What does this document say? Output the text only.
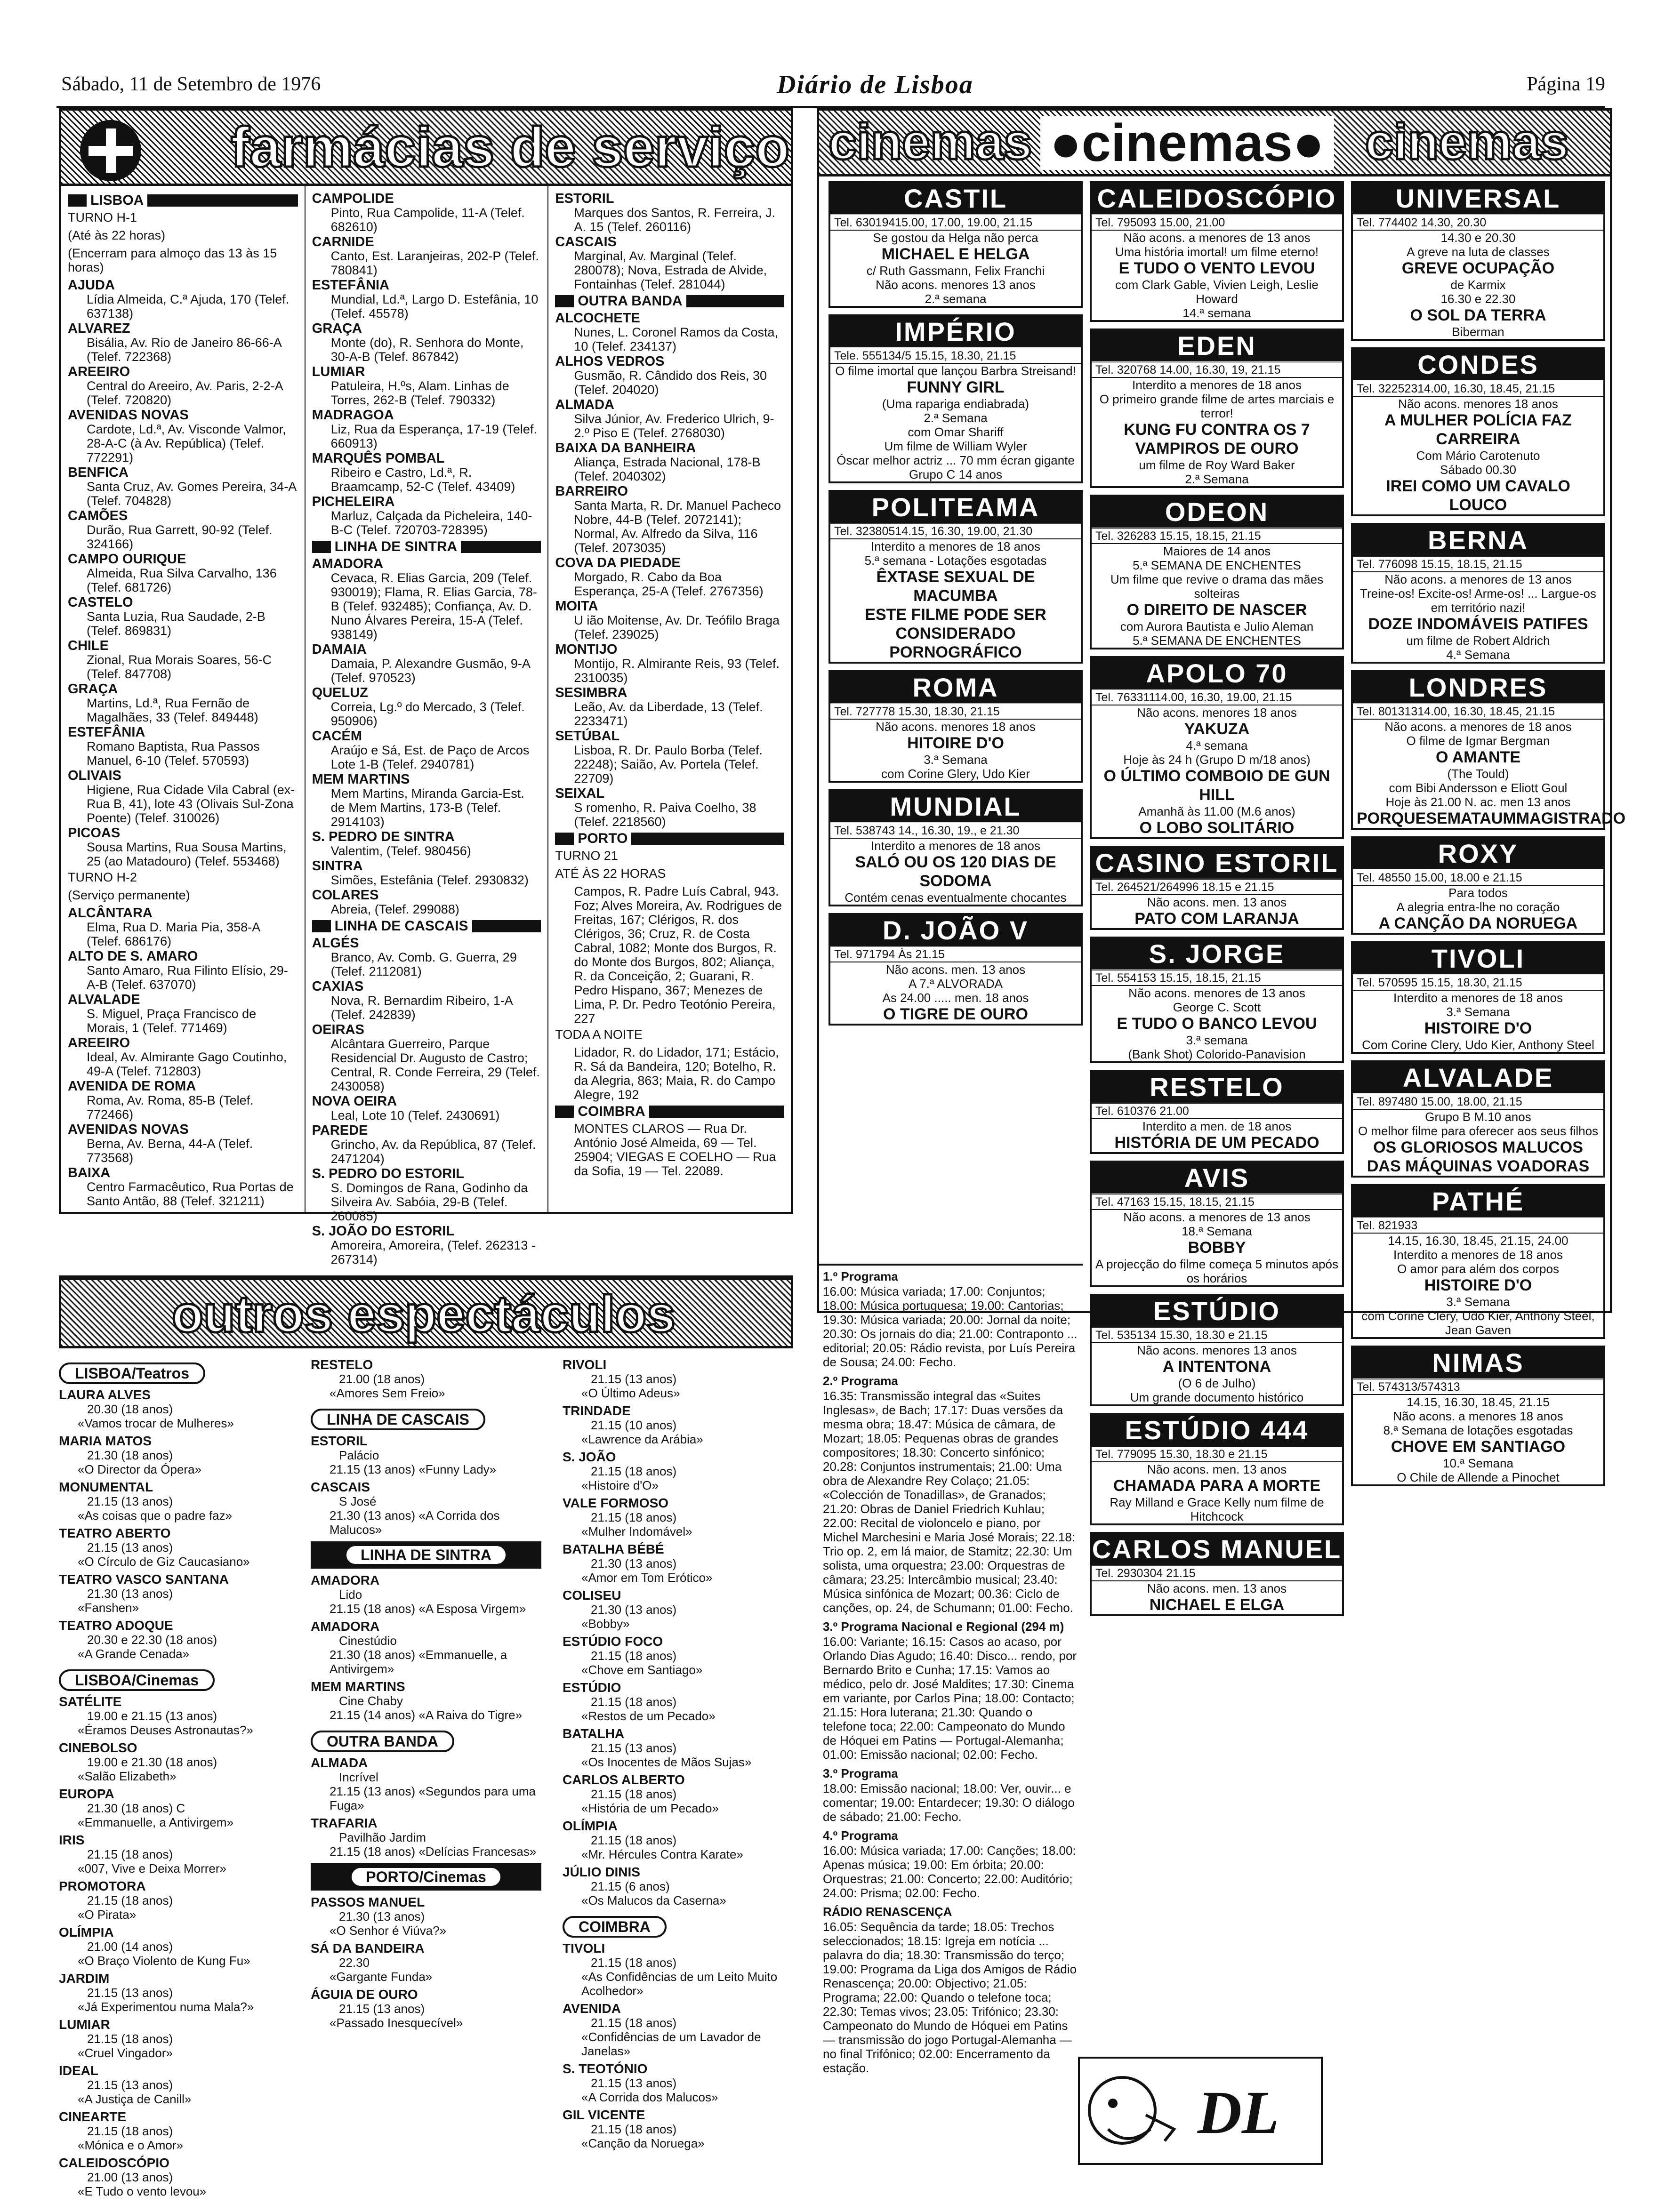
Sábado, 11 de Setembro de 1976	Diário de Lisboa	Página 19
farmácias de serviço
LISBOA
TURNO H-1
(Até às 22 horas)
(Encerram para almoço das 13 às 15 horas)
AJUDA
Lídia Almeida, C.ª Ajuda, 170 (Telef. 637138)
ALVAREZ
Bisália, Av. Rio de Janeiro 86-66-A (Telef. 722368)
AREEIRO
Central do Areeiro, Av. Paris, 2-2-A (Telef. 720820)
AVENIDAS NOVAS
Cardote, Ld.ª, Av. Visconde Valmor, 28-A-C (à Av. República) (Telef. 772291)
BENFICA
Santa Cruz, Av. Gomes Pereira, 34-A (Telef. 704828)
CAMÕES
Durão, Rua Garrett, 90-92 (Telef. 324166)
CAMPO OURIQUE
Almeida, Rua Silva Carvalho, 136 (Telef. 681726)
CASTELO
Santa Luzia, Rua Saudade, 2-B (Telef. 869831)
CHILE
Zional, Rua Morais Soares, 56-C (Telef. 847708)
GRAÇA
Martins, Ld.ª, Rua Fernão de Magalhães, 33 (Telef. 849448)
ESTEFÂNIA
Romano Baptista, Rua Passos Manuel, 6-10 (Telef. 570593)
OLIVAIS
Higiene, Rua Cidade Vila Cabral (ex-Rua B, 41), lote 43 (Olivais Sul-Zona Poente) (Telef. 310026)
PICOAS
Sousa Martins, Rua Sousa Martins, 25 (ao Matadouro) (Telef. 553468)
TURNO H-2
(Serviço permanente)
ALCÂNTARA
Elma, Rua D. Maria Pia, 358-A (Telef. 686176)
ALTO DE S. AMARO
Santo Amaro, Rua Filinto Elísio, 29-A-B (Telef. 637070)
ALVALADE
S. Miguel, Praça Francisco de Morais, 1 (Telef. 771469)
AREEIRO
Ideal, Av. Almirante Gago Coutinho, 49-A (Telef. 712803)
AVENIDA DE ROMA
Roma, Av. Roma, 85-B (Telef. 772466)
AVENIDAS NOVAS
Berna, Av. Berna, 44-A (Telef. 773568)
BAIXA
Centro Farmacêutico, Rua Portas de Santo Antão, 88 (Telef. 321211)
CAMPOLIDE
Pinto, Rua Campolide, 11-A (Telef. 682610)
CARNIDE
Canto, Est. Laranjeiras, 202-P (Telef. 780841)
ESTEFÂNIA
Mundial, Ld.ª, Largo D. Estefânia, 10 (Telef. 45578)
GRAÇA
Monte (do), R. Senhora do Monte, 30-A-B (Telef. 867842)
LUMIAR
Patuleira, H.ºs, Alam. Linhas de Torres, 262-B (Telef. 790332)
MADRAGOA
Liz, Rua da Esperança, 17-19 (Telef. 660913)
MARQUÊS POMBAL
Ribeiro e Castro, Ld.ª, R. Braamcamp, 52-C (Telef. 43409)
PICHELEIRA
Marluz, Calçada da Picheleira, 140-B-C (Telef. 720703-728395)
LINHA DE SINTRA
AMADORA
Cevaca, R. Elias Garcia, 209 (Telef. 930019); Flama, R. Elias Garcia, 78-B (Telef. 932485); Confiança, Av. D. Nuno Álvares Pereira, 15-A (Telef. 938149)
DAMAIA
Damaia, P. Alexandre Gusmão, 9-A (Telef. 970523)
QUELUZ
Correia, Lg.º do Mercado, 3 (Telef. 950906)
CACÉM
Araújo e Sá, Est. de Paço de Arcos Lote 1-B (Telef. 2940781)
MEM MARTINS
Mem Martins, Miranda Garcia-Est. de Mem Martins, 173-B (Telef. 2914103)
S. PEDRO DE SINTRA
Valentim, (Telef. 980456)
SINTRA
Simões, Estefânia (Telef. 2930832)
COLARES
Abreia, (Telef. 299088)
LINHA DE CASCAIS
ALGÉS
Branco, Av. Comb. G. Guerra, 29 (Telef. 2112081)
CAXIAS
Nova, R. Bernardim Ribeiro, 1-A (Telef. 242839)
OEIRAS
Alcântara Guerreiro, Parque Residencial Dr. Augusto de Castro; Central, R. Conde Ferreira, 29 (Telef. 2430058)
NOVA OEIRA
Leal, Lote 10 (Telef. 2430691)
PAREDE
Grincho, Av. da República, 87 (Telef. 2471204)
S. PEDRO DO ESTORIL
S. Domingos de Rana, Godinho da Silveira Av. Sabóia, 29-B (Telef. 260085)
S. JOÃO DO ESTORIL
Amoreira, Amoreira, (Telef. 262313 - 267314)
ESTORIL
Marques dos Santos, R. Ferreira, J. A. 15 (Telef. 260116)
CASCAIS
Marginal, Av. Marginal (Telef. 280078); Nova, Estrada de Alvide, Fontainhas (Telef. 281044)
OUTRA BANDA
ALCOCHETE
Nunes, L. Coronel Ramos da Costa, 10 (Telef. 234137)
ALHOS VEDROS
Gusmão, R. Cândido dos Reis, 30 (Telef. 204020)
ALMADA
Silva Júnior, Av. Frederico Ulrich, 9-2.º Piso E (Telef. 2768030)
BAIXA DA BANHEIRA
Aliança, Estrada Nacional, 178-B (Telef. 2040302)
BARREIRO
Santa Marta, R. Dr. Manuel Pacheco Nobre, 44-B (Telef. 2072141); Normal, Av. Alfredo da Silva, 116 (Telef. 2073035)
COVA DA PIEDADE
Morgado, R. Cabo da Boa Esperança, 25-A (Telef. 2767356)
MOITA
U ião Moitense, Av. Dr. Teófilo Braga (Telef. 239025)
MONTIJO
Montijo, R. Almirante Reis, 93 (Telef. 2310035)
SESIMBRA
Leão, Av. da Liberdade, 13 (Telef. 2233471)
SETÚBAL
Lisboa, R. Dr. Paulo Borba (Telef. 22248); Saião, Av. Portela (Telef. 22709)
SEIXAL
S romenho, R. Paiva Coelho, 38 (Telef. 2218560)
PORTO
TURNO 21
ATÉ ÀS 22 HORAS
Campos, R. Padre Luís Cabral, 943. Foz; Alves Moreira, Av. Rodrigues de Freitas, 167; Clérigos, R. dos Clérigos, 36; Cruz, R. de Costa Cabral, 1082; Monte dos Burgos, R. do Monte dos Burgos, 802; Aliança, R. da Conceição, 2; Guarani, R. Pedro Hispano, 367; Menezes de Lima, P. Dr. Pedro Teotónio Pereira, 227
TODA A NOITE
Lidador, R. do Lidador, 171; Estácio, R. Sá da Bandeira, 120; Botelho, R. da Alegria, 863; Maia, R. do Campo Alegre, 192
COIMBRA
MONTES CLAROS — Rua Dr. António José Almeida, 69 — Tel. 25904; VIEGAS E COELHO — Rua da Sofia, 19 — Tel. 22089.
cinemas ●cinemas● cinemas
CASTIL
Tel. 63019415.00, 17.00, 19.00, 21.15
Se gostou da Helga não perca
MICHAEL E HELGA
c/ Ruth Gassmann, Felix Franchi
Não acons. menores 13 anos
2.ª semana
IMPÉRIO
Tele. 555134/5 15.15, 18.30, 21.15
O filme imortal que lançou Barbra Streisand!
FUNNY GIRL
(Uma rapariga endiabrada)
2.ª Semana
com Omar Shariff
Um filme de William Wyler
Óscar melhor actriz ... 70 mm écran gigante
Grupo C 14 anos
POLITEAMA
Tel. 32380514.15, 16.30, 19.00, 21.30
Interdito a menores de 18 anos
5.ª semana - Lotações esgotadas
ÊXTASE SEXUAL DE MACUMBA
ESTE FILME PODE SER CONSIDERADO PORNOGRÁFICO
ROMA
Tel. 727778 15.30, 18.30, 21.15
Não acons. menores 18 anos
HITOIRE D'O
3.ª Semana
com Corine Glery, Udo Kier
MUNDIAL
Tel. 538743 14., 16.30, 19., e 21.30
Interdito a menores de 18 anos
SALÓ OU OS 120 DIAS DE SODOMA
Contém cenas eventualmente chocantes
D. JOÃO V
Tel. 971794 Às 21.15
Não acons. men. 13 anos
A 7.ª ALVORADA
As 24.00 ..... men. 18 anos
O TIGRE DE OURO
CALEIDOSCÓPIO
Tel. 795093 15.00, 21.00
Não acons. a menores de 13 anos
Uma história imortal! um filme eterno!
E TUDO O VENTO LEVOU
com Clark Gable, Vivien Leigh, Leslie Howard
14.ª semana
EDEN
Tel. 320768 14.00, 16.30, 19, 21.15
Interdito a menores de 18 anos
O primeiro grande filme de artes marciais e terror!
KUNG FU CONTRA OS 7 VAMPIROS DE OURO
um filme de Roy Ward Baker
2.ª Semana
ODEON
Tel. 326283 15.15, 18.15, 21.15
Maiores de 14 anos
5.ª SEMANA DE ENCHENTES
Um filme que revive o drama das mães solteiras
O DIREITO DE NASCER
com Aurora Bautista e Julio Aleman
5.ª SEMANA DE ENCHENTES
APOLO 70
Tel. 76331114.00, 16.30, 19.00, 21.15
Não acons. menores 18 anos
YAKUZA
4.ª semana
Hoje às 24 h (Grupo D m/18 anos)
O ÚLTIMO COMBOIO DE GUN HILL
Amanhã às 11.00 (M.6 anos)
O LOBO SOLITÁRIO
CASINO ESTORIL
Tel. 264521/264996 18.15 e 21.15
Não acons. men. 13 anos
PATO COM LARANJA
S. JORGE
Tel. 554153 15.15, 18.15, 21.15
Não acons. menores de 13 anos
George C. Scott
E TUDO O BANCO LEVOU
3.ª semana
(Bank Shot) Colorido-Panavision
RESTELO
Tel. 610376 21.00
Interdito a men. de 18 anos
HISTÓRIA DE UM PECADO
AVIS
Tel. 47163 15.15, 18.15, 21.15
Não acons. a menores de 13 anos
18.ª Semana
BOBBY
A projecção do filme começa 5 minutos após os horários
ESTÚDIO
Tel. 535134 15.30, 18.30 e 21.15
Não acons. menores 13 anos
A INTENTONA
(O 6 de Julho)
Um grande documento histórico
ESTÚDIO 444
Tel. 779095 15.30, 18.30 e 21.15
Não acons. men. 13 anos
CHAMADA PARA A MORTE
Ray Milland e Grace Kelly num filme de Hitchcock
CARLOS MANUEL
Tel. 2930304 21.15
Não acons. men. 13 anos
NICHAEL E ELGA
UNIVERSAL
Tel. 774402 14.30, 20.30
14.30 e 20.30
A greve na luta de classes
GREVE OCUPAÇÃO
de Karmix
16.30 e 22.30
O SOL DA TERRA
Biberman
CONDES
Tel. 32252314.00, 16.30, 18.45, 21.15
Não acons. menores 18 anos
A MULHER POLÍCIA FAZ CARREIRA
Com Mário Carotenuto
Sábado 00.30
IREI COMO UM CAVALO LOUCO
BERNA
Tel. 776098 15.15, 18.15, 21.15
Não acons. a menores de 13 anos
Treine-os! Excite-os! Arme-os! ... Largue-os em território nazi!
DOZE INDOMÁVEIS PATIFES
um filme de Robert Aldrich
4.ª Semana
LONDRES
Tel. 80131314.00, 16.30, 18.45, 21.15
Não acons. a menores de 18 anos
O filme de Igmar Bergman
O AMANTE
(The Tould)
com Bibi Andersson e Eliott Goul
Hoje às 21.00 N. ac. men 13 anos
PORQUESEMATAUMMAGISTRADO
ROXY
Tel. 48550 15.00, 18.00 e 21.15
Para todos
A alegria entra-lhe no coração
A CANÇÃO DA NORUEGA
TIVOLI
Tel. 570595 15.15, 18.30, 21.15
Interdito a menores de 18 anos
3.ª Semana
HISTOIRE D'O
Com Corine Clery, Udo Kier, Anthony Steel
ALVALADE
Tel. 897480 15.00, 18.00, 21.15
Grupo B M.10 anos
O melhor filme para oferecer aos seus filhos
OS GLORIOSOS MALUCOS DAS MÁQUINAS VOADORAS
PATHÉ
Tel. 821933
14.15, 16.30, 18.45, 21.15, 24.00
Interdito a menores de 18 anos
O amor para além dos corpos
HISTOIRE D'O
3.ª Semana
com Corine Clery, Udo Kier, Anthony Steel, Jean Gaven
NIMAS
Tel. 574313/574313
14.15, 16.30, 18.45, 21.15
Não acons. a menores 18 anos
8.ª Semana de lotações esgotadas
CHOVE EM SANTIAGO
10.ª Semana
O Chile de Allende a Pinochet
1.º Programa
16.00: Música variada; 17.00: Conjuntos; 18.00: Música portuguesa; 19.00: Cantorias; 19.30: Música variada; 20.00: Jornal da noite; 20.30: Os jornais do dia; 21.00: Contraponto ... editorial; 20.05: Rádio revista, por Luís Pereira de Sousa; 24.00: Fecho.
2.º Programa
16.35: Transmissão integral das «Suites Inglesas», de Bach; 17.17: Duas versões da mesma obra; 18.47: Música de câmara, de Mozart; 18.05: Pequenas obras de grandes compositores; 18.30: Concerto sinfónico; 20.28: Conjuntos instrumentais; 21.00: Uma obra de Alexandre Rey Colaço; 21.05: «Colección de Tonadillas», de Granados; 21.20: Obras de Daniel Friedrich Kuhlau; 22.00: Recital de violoncelo e piano, por Michel Marchesini e Maria José Morais; 22.18: Trio op. 2, em lá maior, de Stamitz; 22.30: Um solista, uma orquestra; 23.00: Orquestras de câmara; 23.25: Intercâmbio musical; 23.40: Música sinfónica de Mozart; 00.36: Ciclo de canções, op. 24, de Schumann; 01.00: Fecho.
3.º Programa Nacional e Regional (294 m)
16.00: Variante; 16.15: Casos ao acaso, por Orlando Dias Agudo; 16.40: Disco... rendo, por Bernardo Brito e Cunha; 17.15: Vamos ao médico, pelo dr. José Maldites; 17.30: Cinema em variante, por Carlos Pina; 18.00: Contacto; 21.15: Hora luterana; 21.30: Quando o telefone toca; 22.00: Campeonato do Mundo de Hóquei em Patins — Portugal-Alemanha; 01.00: Emissão nacional; 02.00: Fecho.
3.º Programa
18.00: Emissão nacional; 18.00: Ver, ouvir... e comentar; 19.00: Entardecer; 19.30: O diálogo de sábado; 21.00: Fecho.
4.º Programa
16.00: Música variada; 17.00: Canções; 18.00: Apenas música; 19.00: Em órbita; 20.00: Orquestras; 21.00: Concerto; 22.00: Auditório; 24.00: Prisma; 02.00: Fecho.
RÁDIO RENASCENÇA
16.05: Sequência da tarde; 18.05: Trechos seleccionados; 18.15: Igreja em notícia ... palavra do dia; 18.30: Transmissão do terço; 19.00: Programa da Liga dos Amigos de Rádio Renascença; 20.00: Objectivo; 21.05: Programa; 22.00: Quando o telefone toca; 22.30: Temas vivos; 23.05: Trifónico; 23.30: Campeonato do Mundo de Hóquei em Patins — transmissão do jogo Portugal-Alemanha — no final Trifónico; 02.00: Encerramento da estação.
outros espectáculos
LISBOA/Teatros
LAURA ALVES
20.30 (18 anos)
«Vamos trocar de Mulheres»
MARIA MATOS
21.30 (18 anos)
«O Director da Ópera»
MONUMENTAL
21.15 (13 anos)
«As coisas que o padre faz»
TEATRO ABERTO
21.15 (13 anos)
«O Círculo de Giz Caucasiano»
TEATRO VASCO SANTANA
21.30 (13 anos)
«Fanshen»
TEATRO ADOQUE
20.30 e 22.30 (18 anos)
«A Grande Cenada»
LISBOA/Cinemas
SATÉLITE
19.00 e 21.15 (13 anos)
«Éramos Deuses Astronautas?»
CINEBOLSO
19.00 e 21.30 (18 anos)
«Salão Elizabeth»
EUROPA
21.30 (18 anos) C
«Emmanuelle, a Antivirgem»
IRIS
21.15 (18 anos)
«007, Vive e Deixa Morrer»
PROMOTORA
21.15 (18 anos)
«O Pirata»
OLÍMPIA
21.00 (14 anos)
«O Braço Violento de Kung Fu»
JARDIM
21.15 (13 anos)
«Já Experimentou numa Mala?»
LUMIAR
21.15 (18 anos)
«Cruel Vingador»
IDEAL
21.15 (13 anos)
«A Justiça de Canill»
CINEARTE
21.15 (18 anos)
«Mónica e o Amor»
CALEIDOSCÓPIO
21.00 (13 anos)
«E Tudo o vento levou»
RESTELO
21.00 (18 anos)
«Amores Sem Freio»
LINHA DE CASCAIS
ESTORIL
Palácio
21.15 (13 anos) «Funny Lady»
CASCAIS
S José
21.30 (13 anos) «A Corrida dos Malucos»
LINHA DE SINTRA
AMADORA
Lido
21.15 (18 anos) «A Esposa Virgem»
AMADORA
Cinestúdio
21.30 (18 anos) «Emmanuelle, a Antivirgem»
MEM MARTINS
Cine Chaby
21.15 (14 anos) «A Raiva do Tigre»
OUTRA BANDA
ALMADA
Incrível
21.15 (13 anos) «Segundos para uma Fuga»
TRAFARIA
Pavilhão Jardim
21.15 (18 anos) «Delícias Francesas»
PORTO/Cinemas
PASSOS MANUEL
21.30 (13 anos)
«O Senhor é Viúva?»
SÁ DA BANDEIRA
22.30
«Gargante Funda»
ÁGUIA DE OURO
21.15 (13 anos)
«Passado Inesquecível»
RIVOLI
21.15 (13 anos)
«O Último Adeus»
TRINDADE
21.15 (10 anos)
«Lawrence da Arábia»
S. JOÃO
21.15 (18 anos)
«Histoire d'O»
VALE FORMOSO
21.15 (18 anos)
«Mulher Indomável»
BATALHA BÉBÉ
21.30 (13 anos)
«Amor em Tom Erótico»
COLISEU
21.30 (13 anos)
«Bobby»
ESTÚDIO FOCO
21.15 (18 anos)
«Chove em Santiago»
ESTÚDIO
21.15 (18 anos)
«Restos de um Pecado»
BATALHA
21.15 (13 anos)
«Os Inocentes de Mãos Sujas»
CARLOS ALBERTO
21.15 (18 anos)
«História de um Pecado»
OLÍMPIA
21.15 (18 anos)
«Mr. Hércules Contra Karate»
JÚLIO DINIS
21.15 (6 anos)
«Os Malucos da Caserna»
COIMBRA
TIVOLI
21.15 (18 anos)
«As Confidências de um Leito Muito Acolhedor»
AVENIDA
21.15 (18 anos)
«Confidências de um Lavador de Janelas»
S. TEOTÓNIO
21.15 (13 anos)
«A Corrida dos Malucos»
GIL VICENTE
21.15 (18 anos)
«Canção da Noruega»	DL
